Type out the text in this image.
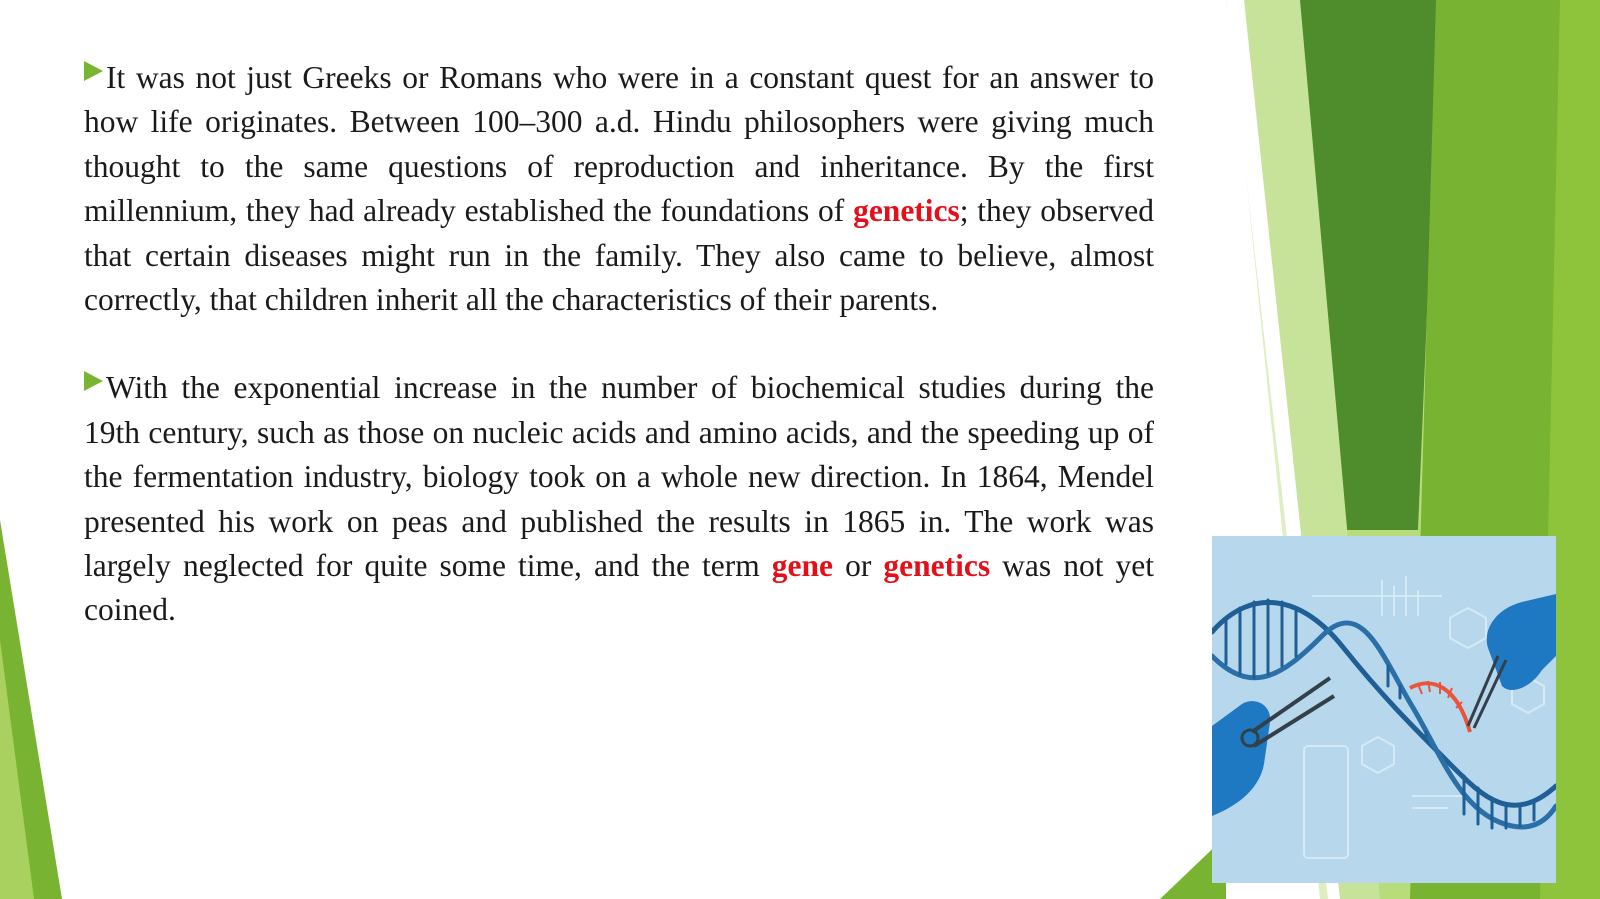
It was not just Greeks or Romans who were in a constant quest for an answer to how life originates. Between 100–300 a.d. Hindu philosophers were giving much thought to the same questions of reproduction and inheritance. By the first millennium, they had already established the foundations of genetics; they observed that certain diseases might run in the family. They also came to believe, almost correctly, that children inherit all the characteristics of their parents.

With the exponential increase in the number of biochemical studies during the 19th century, such as those on nucleic acids and amino acids, and the speeding up of the fermentation industry, biology took on a whole new direction. In 1864, Mendel presented his work on peas and published the results in 1865 in. The work was largely neglected for quite some time, and the term gene or genetics was not yet coined.
